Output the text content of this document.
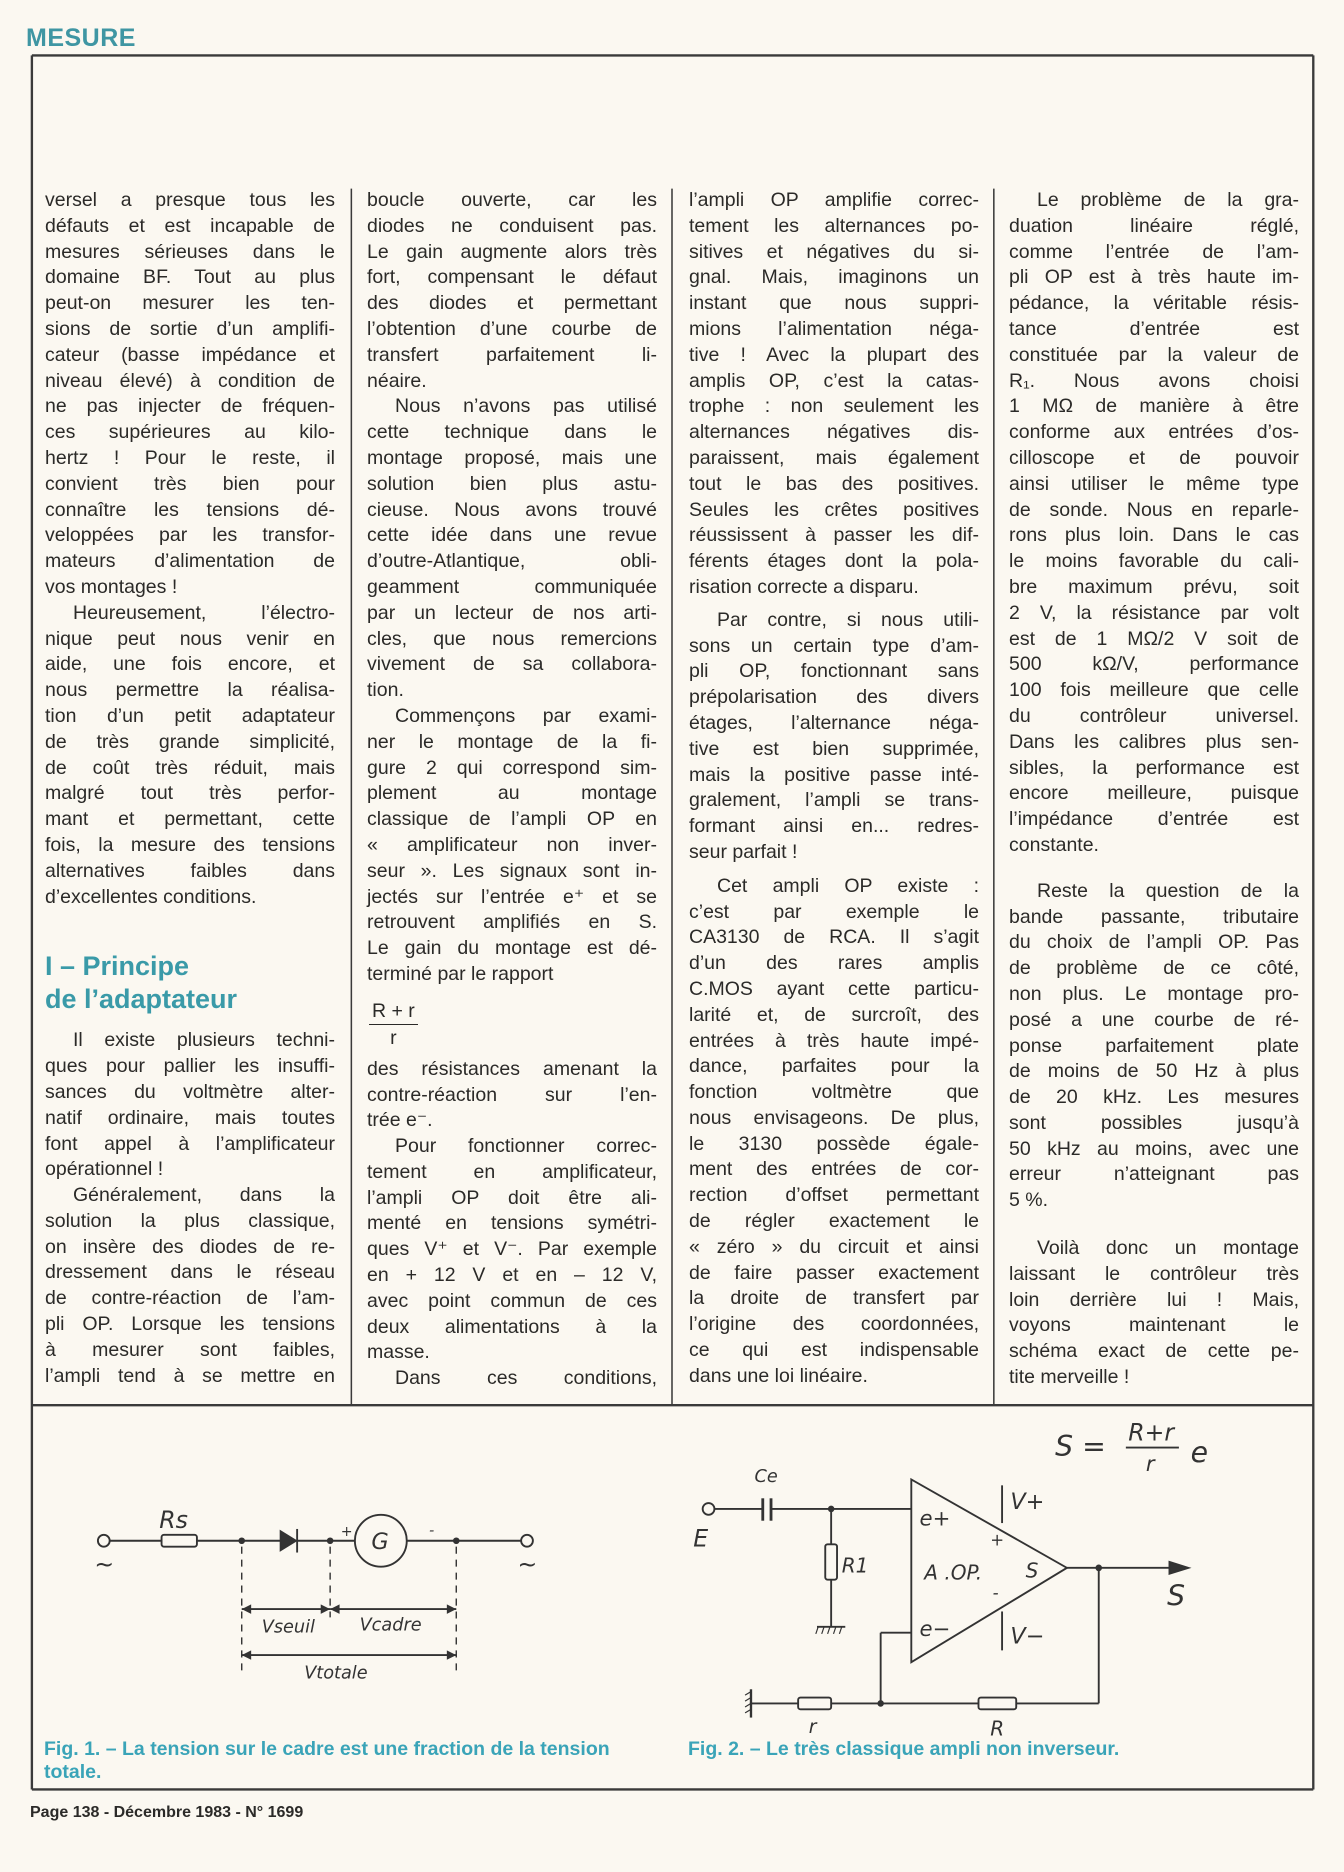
MESURE
versel a presque tous les
défauts et est incapable de
mesures sérieuses dans le
domaine BF. Tout au plus
peut-on mesurer les ten-
sions de sortie d’un amplifi-
cateur (basse impédance et
niveau élevé) à condition de
ne pas injecter de fréquen-
ces supérieures au kilo-
hertz ! Pour le reste, il
convient très bien pour
connaître les tensions dé-
veloppées par les transfor-
mateurs d’alimentation de
vos montages !
Heureusement, l’électro-
nique peut nous venir en
aide, une fois encore, et
nous permettre la réalisa-
tion d’un petit adaptateur
de très grande simplicité,
de coût très réduit, mais
malgré tout très perfor-
mant et permettant, cette
fois, la mesure des tensions
alternatives faibles dans
d’excellentes conditions.
I – Principe
de l’adaptateur
Il existe plusieurs techni-
ques pour pallier les insuffi-
sances du voltmètre alter-
natif ordinaire, mais toutes
font appel à l’amplificateur
opérationnel !
Généralement, dans la
solution la plus classique,
on insère des diodes de re-
dressement dans le réseau
de contre-réaction de l’am-
pli OP. Lorsque les tensions
à mesurer sont faibles,
l’ampli tend à se mettre en
boucle ouverte, car les
diodes ne conduisent pas.
Le gain augmente alors très
fort, compensant le défaut
des diodes et permettant
l’obtention d’une courbe de
transfert parfaitement li-
néaire.
Nous n’avons pas utilisé
cette technique dans le
montage proposé, mais une
solution bien plus astu-
cieuse. Nous avons trouvé
cette idée dans une revue
d’outre-Atlantique, obli-
geamment communiquée
par un lecteur de nos arti-
cles, que nous remercions
vivement de sa collabora-
tion.
Commençons par exami-
ner le montage de la fi-
gure 2 qui correspond sim-
plement au montage
classique de l’ampli OP en
« amplificateur non inver-
seur ». Les signaux sont in-
jectés sur l’entrée e⁺ et se
retrouvent amplifiés en S.
Le gain du montage est dé-
terminé par le rapport
$\frac{R + r}{r}$
des résistances amenant la
contre-réaction sur l’en-
trée e⁻.
Pour fonctionner correc-
tement en amplificateur,
l’ampli OP doit être ali-
menté en tensions symétri-
ques V⁺ et V⁻. Par exemple
en + 12 V et en – 12 V,
avec point commun de ces
deux alimentations à la
masse.
Dans ces conditions,
l’ampli OP amplifie correc-
tement les alternances po-
sitives et négatives du si-
gnal. Mais, imaginons un
instant que nous suppri-
mions l’alimentation néga-
tive ! Avec la plupart des
amplis OP, c’est la catas-
trophe : non seulement les
alternances négatives dis-
paraissent, mais également
tout le bas des positives.
Seules les crêtes positives
réussissent à passer les dif-
férents étages dont la pola-
risation correcte a disparu.
Par contre, si nous utili-
sons un certain type d’am-
pli OP, fonctionnant sans
prépolarisation des divers
étages, l’alternance néga-
tive est bien supprimée,
mais la positive passe inté-
gralement, l’ampli se trans-
formant ainsi en... redres-
seur parfait !
Cet ampli OP existe :
c’est par exemple le
CA3130 de RCA. Il s’agit
d’un des rares amplis
C.MOS ayant cette particu-
larité et, de surcroît, des
entrées à très haute impé-
dance, parfaites pour la
fonction voltmètre que
nous envisageons. De plus,
le 3130 possède égale-
ment des entrées de cor-
rection d’offset permettant
de régler exactement le
« zéro » du circuit et ainsi
de faire passer exactement
la droite de transfert par
l’origine des coordonnées,
ce qui est indispensable
dans une loi linéaire.
Le problème de la gra-
duation linéaire réglé,
comme l’entrée de l’am-
pli OP est à très haute im-
pédance, la véritable résis-
tance d’entrée est
constituée par la valeur de
R₁. Nous avons choisi
1 MΩ de manière à être
conforme aux entrées d’os-
cilloscope et de pouvoir
ainsi utiliser le même type
de sonde. Nous en reparle-
rons plus loin. Dans le cas
le moins favorable du cali-
bre maximum prévu, soit
2 V, la résistance par volt
est de 1 MΩ/2 V soit de
500 kΩ/V, performance
100 fois meilleure que celle
du contrôleur universel.
Dans les calibres plus sen-
sibles, la performance est
encore meilleure, puisque
l’impédance d’entrée est
constante.
Reste la question de la
bande passante, tributaire
du choix de l’ampli OP. Pas
de problème de ce côté,
non plus. Le montage pro-
posé a une courbe de ré-
ponse parfaitement plate
de moins de 50 Hz à plus
de 20 kHz. Les mesures
sont possibles jusqu’à
50 kHz au moins, avec une
erreur n’atteignant pas
5 %.
Voilà donc un montage
laissant le contrôleur très
loin derrière lui ! Mais,
voyons maintenant le
schéma exact de cette pe-
tite merveille !
Rs
G
+	-
~	~
Vseuil	Vcadre
Vtotale
S = R+r
r e
Ce
E
R1
e+
e−
+
-
A .OP.	S
V+
V−
S
r	R
Fig. 1. – La tension sur le cadre est une fraction de la tension totale.
Fig. 2. – Le très classique ampli non inverseur.
Page 138 - Décembre 1983 - N° 1699
